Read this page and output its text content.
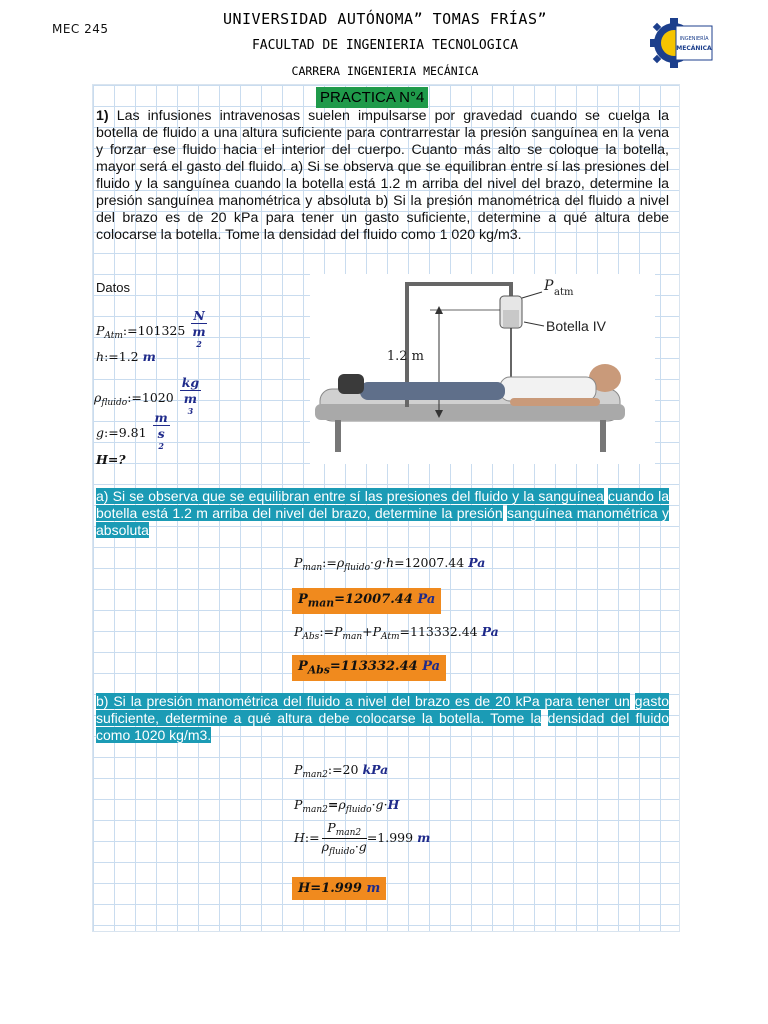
MEC 245
UNIVERSIDAD AUTÓNOMA” TOMAS FRÍAS”
FACULTAD DE INGENIERIA TECNOLOGICA
CARRERA INGENIERIA MECÁNICA
INGENIERÍA
MECÁNICA
PRACTICA N°4
1) Las infusiones intravenosas suelen impulsarse por gravedad cuando se cuelga la botella de fluido a una altura suficiente para contrarrestar la presión sanguínea en la vena y forzar ese fluido hacia el interior del cuerpo. Cuanto más alto se coloque la botella, mayor será el gasto del fluido. a) Si se observa que se equilibran entre sí las presiones del fluido y la sanguínea cuando la botella está 1.2 m arriba del nivel del brazo, determine la presión sanguínea manométrica y absoluta b) Si la presión manométrica del fluido a nivel del brazo es de 20 kPa para tener un gasto suficiente, determine a qué altura debe colocarse la botella. Tome la densidad del fluido como 1 020 kg/m3.
Datos
$P_{Atm}:=101325$ N
m
$^2$
h:=1.2 m
$\rho_{fluido}:=1020$ kg
m
$^3$
g:=9.81 m
s
$^2$
H=?
1.2 m
Botella IV
P atm
a) Si se observa que se equilibran entre sí las presiones del fluido y la sanguínea cuando la botella está 1.2 m arriba del nivel del brazo, determine la presión sanguínea manométrica y absoluta
$P_{man}:=\rho_{fluido}\cdot g\cdot h=12007.44$ Pa
$P_{man}=12007.44$ Pa
$P_{Abs}:=P_{man}+P_{Atm}=113332.44$ Pa
$P_{Abs}=113332.44$ Pa
b) Si la presión manométrica del fluido a nivel del brazo es de 20 kPa para tener un gasto suficiente, determine a qué altura debe colocarse la botella. Tome la densidad del fluido como 1020 kg/m3.
$P_{man2}:=20$ kPa
$P_{man2}=\rho_{fluido}\cdot g\cdot H$
H:= $\frac{P_{man2}}{\rho_{fluido}\cdot g} =1.999$ m
H=1.999 m
